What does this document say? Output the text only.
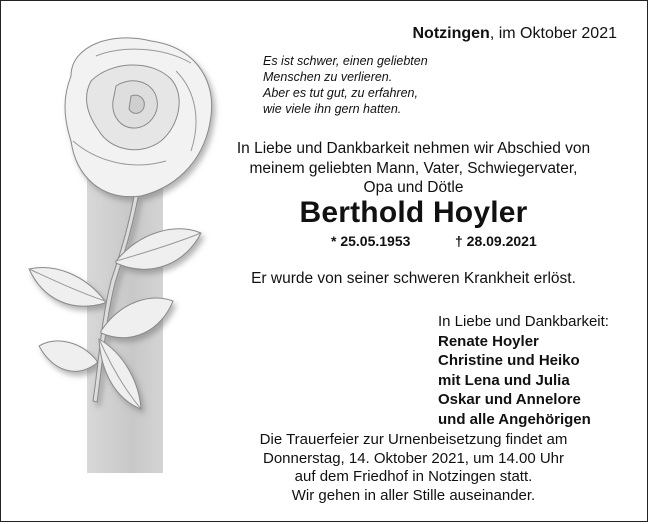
Notzingen, im Oktober 2021
Es ist schwer, einen geliebten
Menschen zu verlieren.
Aber es tut gut, zu erfahren,
wie viele ihn gern hatten.
In Liebe und Dankbarkeit nehmen wir Abschied von
meinem geliebten Mann, Vater, Schwiegervater,
Opa und Dötle
Berthold Hoyler
* 25.05.1953	† 28.09.2021
Er wurde von seiner schweren Krankheit erlöst.
In Liebe und Dankbarkeit:
Renate Hoyler
Christine und Heiko
mit Lena und Julia
Oskar und Annelore
und alle Angehörigen
Die Trauerfeier zur Urnenbeisetzung findet am
Donnerstag, 14. Oktober 2021, um 14.00 Uhr
auf dem Friedhof in Notzingen statt.
Wir gehen in aller Stille auseinander.
